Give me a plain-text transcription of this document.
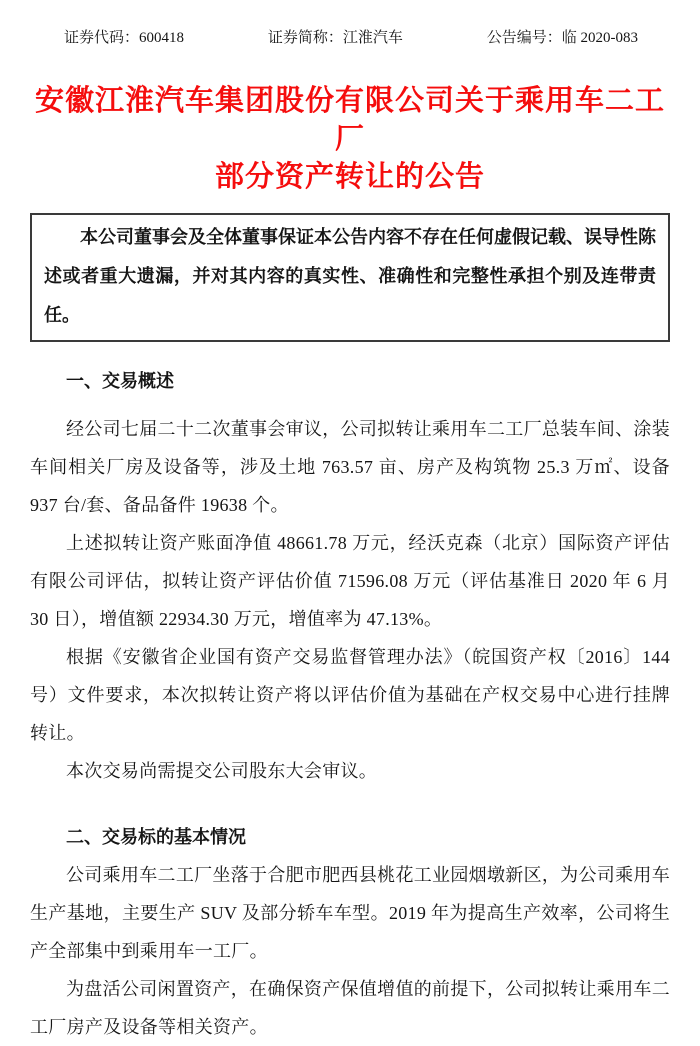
证券代码：600418	证券简称：江淮汽车	公告编号：临 2020-083
安徽江淮汽车集团股份有限公司关于乘用车二工厂
部分资产转让的公告
本公司董事会及全体董事保证本公告内容不存在任何虚假记载、误导性陈述或者重大遗漏，并对其内容的真实性、准确性和完整性承担个别及连带责任。
一、交易概述

经公司七届二十二次董事会审议，公司拟转让乘用车二工厂总装车间、涂装车间相关厂房及设备等，涉及土地 763.57 亩、房产及构筑物 25.3 万㎡、设备 937 台/套、备品备件 19638 个。

上述拟转让资产账面净值 48661.78 万元，经沃克森（北京）国际资产评估有限公司评估，拟转让资产评估价值 71596.08 万元（评估基准日 2020 年 6 月 30 日），增值额 22934.30 万元，增值率为 47.13%。

根据《安徽省企业国有资产交易监督管理办法》（皖国资产权〔2016〕144 号）文件要求，本次拟转让资产将以评估价值为基础在产权交易中心进行挂牌转让。

本次交易尚需提交公司股东大会审议。

二、交易标的基本情况

公司乘用车二工厂坐落于合肥市肥西县桃花工业园烟墩新区，为公司乘用车生产基地，主要生产 SUV 及部分轿车车型。2019 年为提高生产效率，公司将生产全部集中到乘用车一工厂。

为盘活公司闲置资产，在确保资产保值增值的前提下，公司拟转让乘用车二工厂房产及设备等相关资产。
